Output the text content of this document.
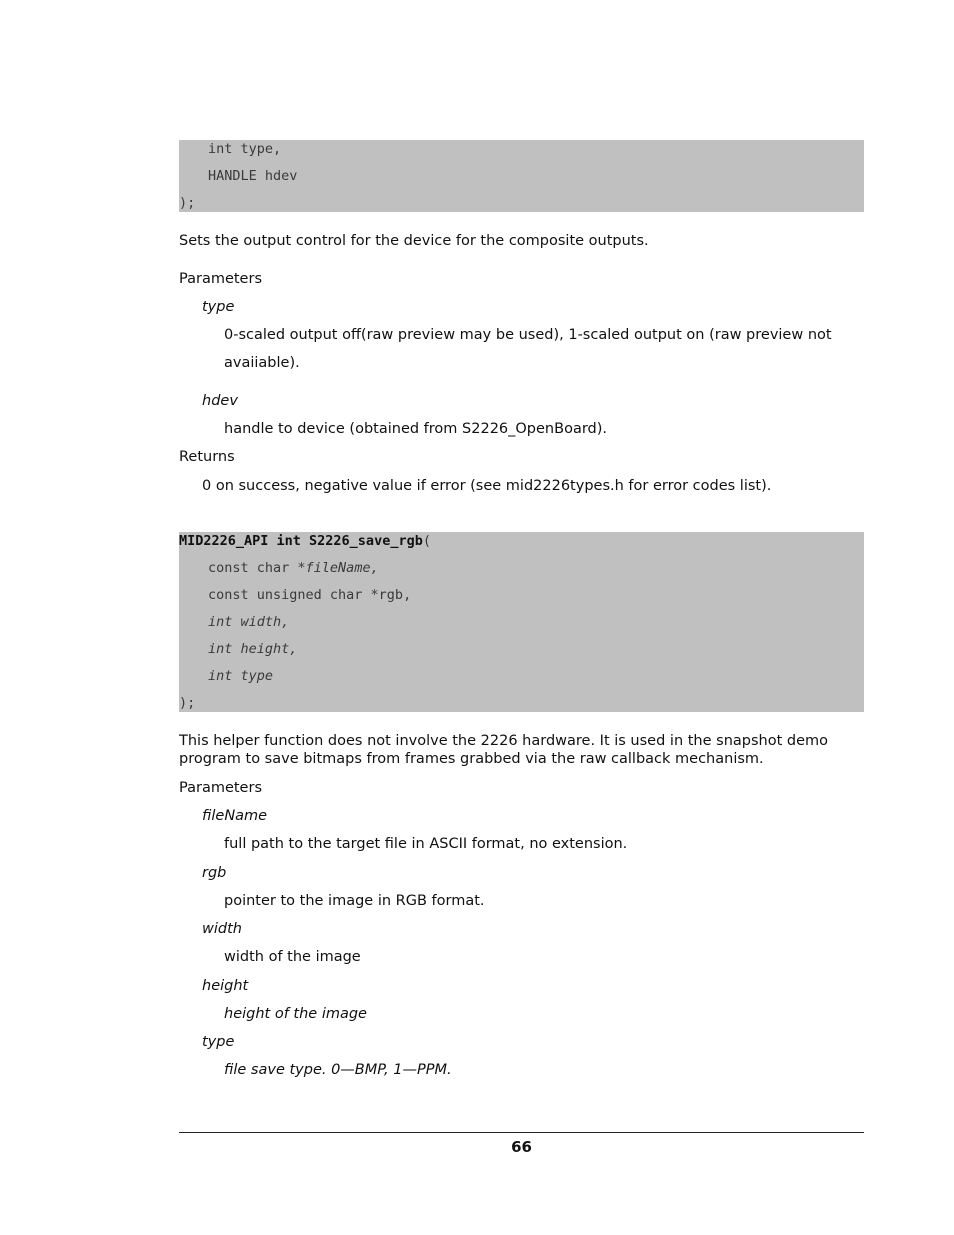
int type,
HANDLE hdev
);
Sets the output control for the device for the composite outputs.
Parameters
type
0-scaled output off(raw preview may be used), 1-scaled output on (raw preview not
avaiiable).
hdev
handle to device (obtained from S2226_OpenBoard).
Returns
0 on success, negative value if error (see mid2226types.h for error codes list).
MID2226_API int S2226_save_rgb(
const char *fileName,
const unsigned char *rgb,
int width,
int height,
int type
);
This helper function does not involve the 2226 hardware. It is used in the snapshot demo program to save bitmaps from frames grabbed via the raw callback mechanism.
Parameters
fileName
full path to the target file in ASCII format, no extension.
rgb
pointer to the image in RGB format.
width
width of the image
height
height of the image
type
file save type. 0—BMP, 1—PPM.
66
